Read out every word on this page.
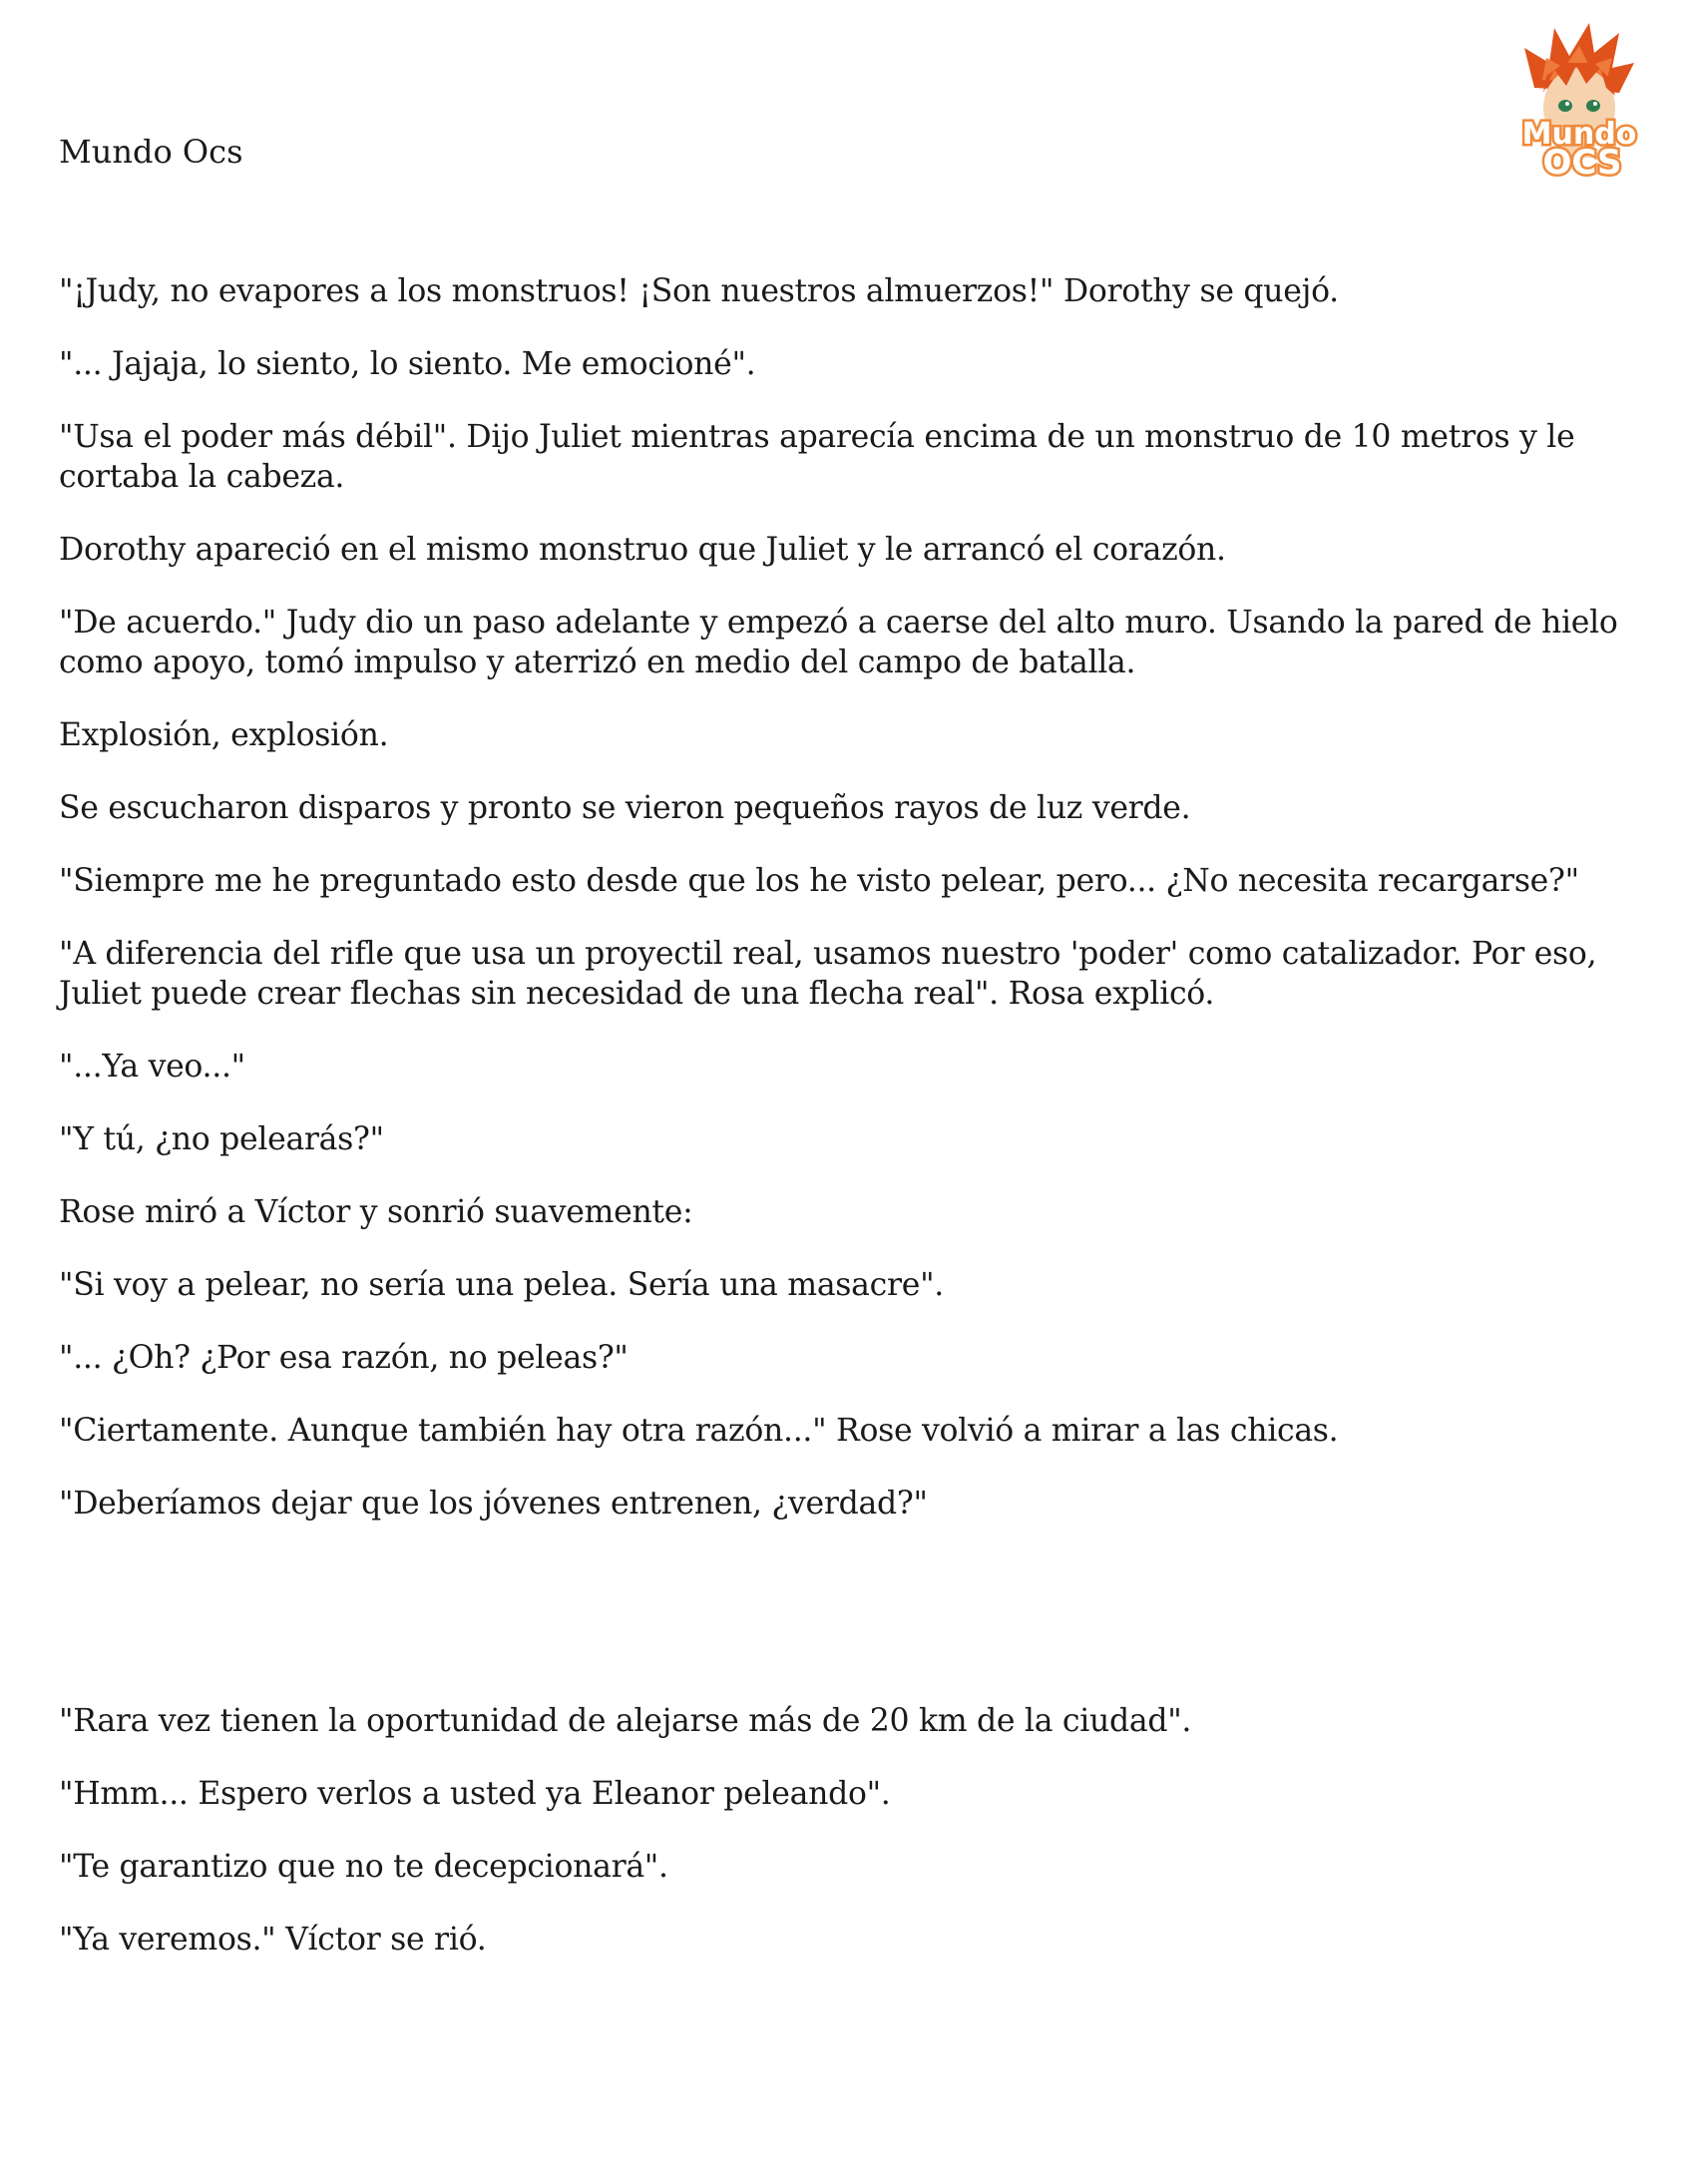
Mundo Ocs	Mundo
OCS

"¡Judy, no evapores a los monstruos! ¡Son nuestros almuerzos!" Dorothy se quejó.

"... Jajaja, lo siento, lo siento. Me emocioné".

"Usa el poder más débil". Dijo Juliet mientras aparecía encima de un monstruo de 10 metros y le cortaba la cabeza.

Dorothy apareció en el mismo monstruo que Juliet y le arrancó el corazón.

"De acuerdo." Judy dio un paso adelante y empezó a caerse del alto muro. Usando la pared de hielo como apoyo, tomó impulso y aterrizó en medio del campo de batalla.

Explosión, explosión.

Se escucharon disparos y pronto se vieron pequeños rayos de luz verde.

"Siempre me he preguntado esto desde que los he visto pelear, pero... ¿No necesita recargarse?"

"A diferencia del rifle que usa un proyectil real, usamos nuestro 'poder' como catalizador. Por eso, Juliet puede crear flechas sin necesidad de una flecha real". Rosa explicó.

"...Ya veo..."

"Y tú, ¿no pelearás?"

Rose miró a Víctor y sonrió suavemente:

"Si voy a pelear, no sería una pelea. Sería una masacre".

"... ¿Oh? ¿Por esa razón, no peleas?"

"Ciertamente. Aunque también hay otra razón..." Rose volvió a mirar a las chicas.

"Deberíamos dejar que los jóvenes entrenen, ¿verdad?"

"Rara vez tienen la oportunidad de alejarse más de 20 km de la ciudad".

"Hmm... Espero verlos a usted ya Eleanor peleando".

"Te garantizo que no te decepcionará".

"Ya veremos." Víctor se rió.
